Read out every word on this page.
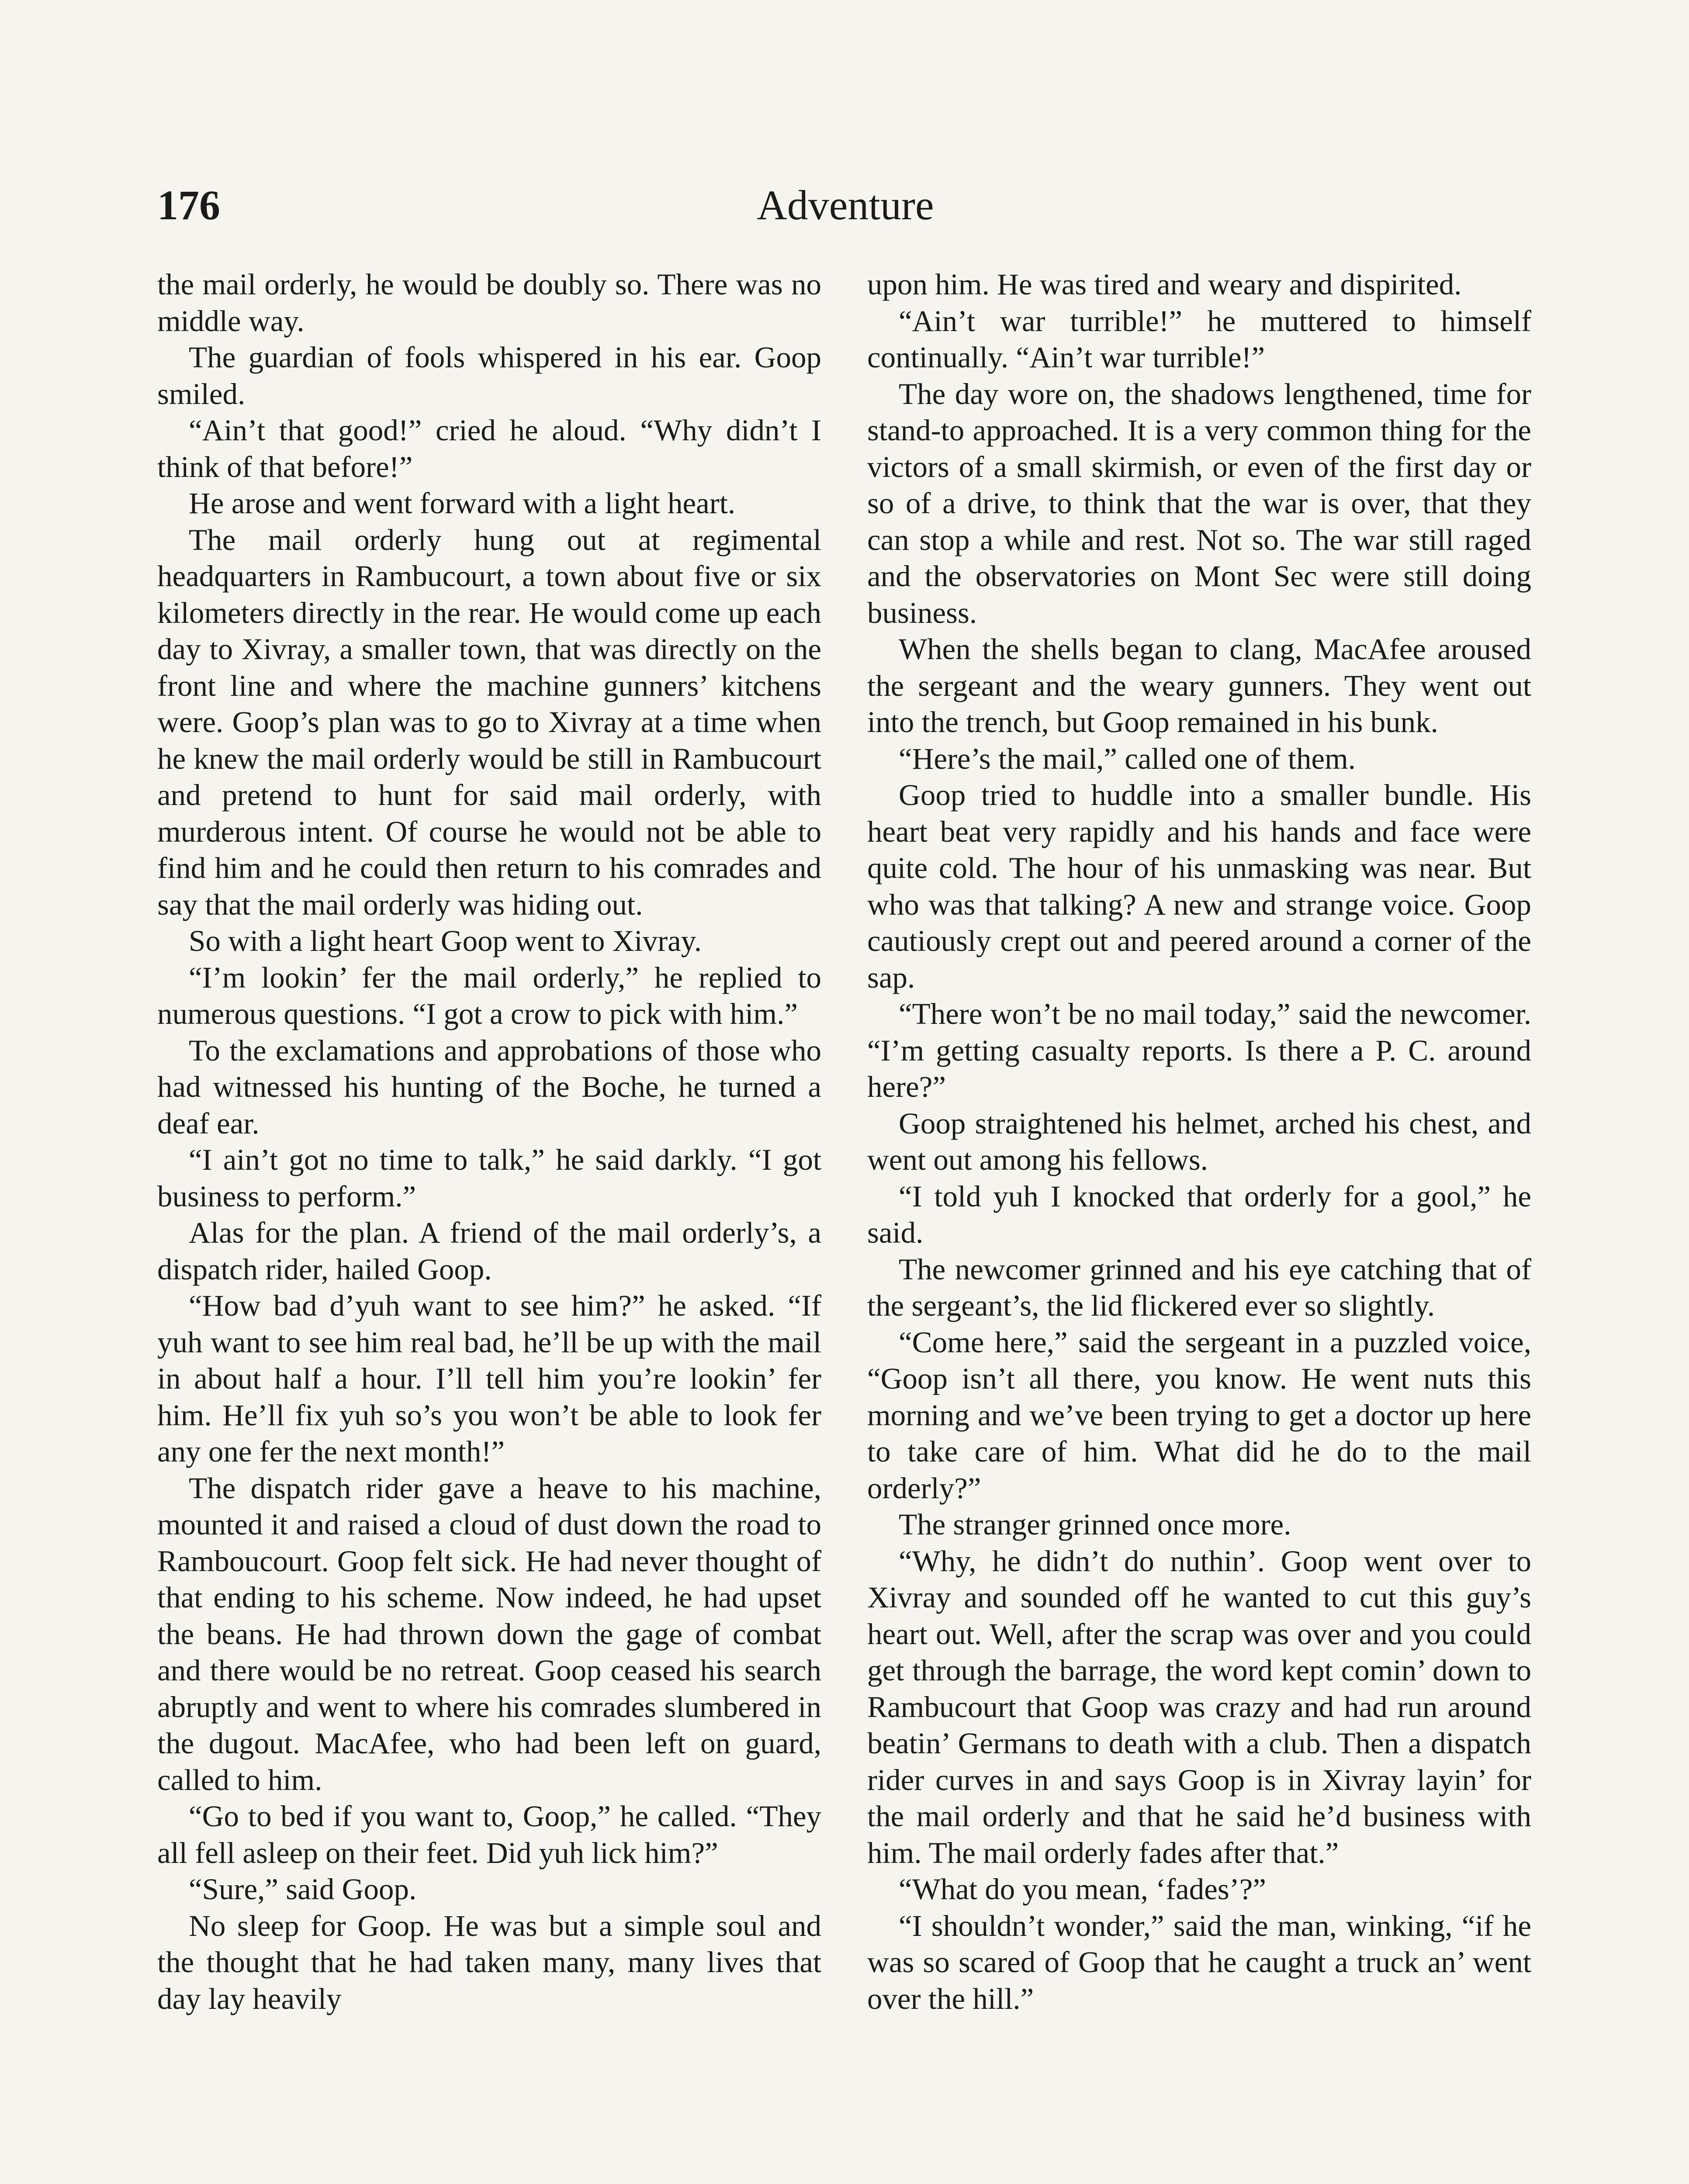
176	Adventure

the mail orderly, he would be doubly so. There was no middle way.

The guardian of fools whispered in his ear. Goop smiled.

“Ain’t that good!” cried he aloud. “Why didn’t I think of that before!”

He arose and went forward with a light heart.

The mail orderly hung out at regimental headquarters in Rambucourt, a town about five or six kilometers directly in the rear. He would come up each day to Xivray, a smaller town, that was directly on the front line and where the machine gunners’ kitchens were. Goop’s plan was to go to Xivray at a time when he knew the mail orderly would be still in Rambucourt and pretend to hunt for said mail orderly, with murderous intent. Of course he would not be able to find him and he could then return to his comrades and say that the mail orderly was hiding out.

So with a light heart Goop went to Xivray.

“I’m lookin’ fer the mail orderly,” he replied to numerous questions. “I got a crow to pick with him.”

To the exclamations and approbations of those who had witnessed his hunting of the Boche, he turned a deaf ear.

“I ain’t got no time to talk,” he said darkly. “I got business to perform.”

Alas for the plan. A friend of the mail orderly’s, a dispatch rider, hailed Goop.

“How bad d’yuh want to see him?” he asked. “If yuh want to see him real bad, he’ll be up with the mail in about half a hour. I’ll tell him you’re lookin’ fer him. He’ll fix yuh so’s you won’t be able to look fer any one fer the next month!”

The dispatch rider gave a heave to his machine, mounted it and raised a cloud of dust down the road to Ramboucourt. Goop felt sick. He had never thought of that ending to his scheme. Now indeed, he had upset the beans. He had thrown down the gage of combat and there would be no retreat. Goop ceased his search abruptly and went to where his comrades slumbered in the dugout. MacAfee, who had been left on guard, called to him.

“Go to bed if you want to, Goop,” he called. “They all fell asleep on their feet. Did yuh lick him?”

“Sure,” said Goop.

No sleep for Goop. He was but a simple soul and the thought that he had taken many, many lives that day lay heavily

upon him. He was tired and weary and dispirited.

“Ain’t war turrible!” he muttered to himself continually. “Ain’t war turrible!”

The day wore on, the shadows lengthened, time for stand-to approached. It is a very common thing for the victors of a small skirmish, or even of the first day or so of a drive, to think that the war is over, that they can stop a while and rest. Not so. The war still raged and the observatories on Mont Sec were still doing business.

When the shells began to clang, MacAfee aroused the sergeant and the weary gunners. They went out into the trench, but Goop remained in his bunk.

“Here’s the mail,” called one of them.

Goop tried to huddle into a smaller bundle. His heart beat very rapidly and his hands and face were quite cold. The hour of his unmasking was near. But who was that talking? A new and strange voice. Goop cautiously crept out and peered around a corner of the sap.

“There won’t be no mail today,” said the newcomer. “I’m getting casualty reports. Is there a P. C. around here?”

Goop straightened his helmet, arched his chest, and went out among his fellows.

“I told yuh I knocked that orderly for a gool,” he said.

The newcomer grinned and his eye catching that of the sergeant’s, the lid flickered ever so slightly.

“Come here,” said the sergeant in a puzzled voice, “Goop isn’t all there, you know. He went nuts this morning and we’ve been trying to get a doctor up here to take care of him. What did he do to the mail orderly?”

The stranger grinned once more.

“Why, he didn’t do nuthin’. Goop went over to Xivray and sounded off he wanted to cut this guy’s heart out. Well, after the scrap was over and you could get through the barrage, the word kept comin’ down to Rambucourt that Goop was crazy and had run around beatin’ Germans to death with a club. Then a dispatch rider curves in and says Goop is in Xivray layin’ for the mail orderly and that he said he’d business with him. The mail orderly fades after that.”

“What do you mean, ‘fades’?”

“I shouldn’t wonder,” said the man, winking, “if he was so scared of Goop that he caught a truck an’ went over the hill.”
